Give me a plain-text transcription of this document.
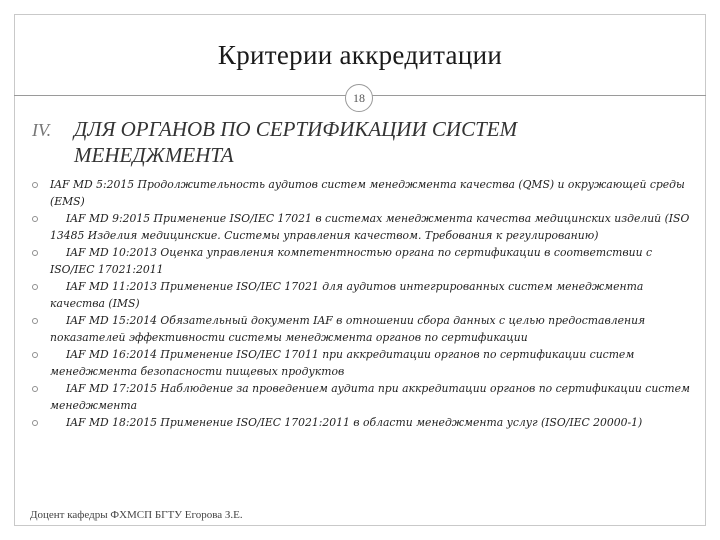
Критерии аккредитации
18
IV. ДЛЯ ОРГАНОВ ПО СЕРТИФИКАЦИИ СИСТЕМ
МЕНЕДЖМЕНТА
IAF MD 5:2015 Продолжительность аудитов систем менеджмента качества (QMS) и окружающей среды (EMS)
IAF MD 9:2015 Применение ISO/IEC 17021 в системах менеджмента качества медицинских изделий (ISO 13485 Изделия медицинские. Системы управления качеством. Требования к регулированию)
IAF MD 10:2013 Оценка управления компетентностью органа по сертификации в соответствии с ISO/IEC 17021:2011
IAF MD 11:2013 Применение ISO/IEC 17021 для аудитов интегрированных систем менеджмента качества (IMS)
IAF MD 15:2014 Обязательный документ IAF в отношении сбора данных с целью предоставления показателей эффективности системы менеджмента органов по сертификации
IAF MD 16:2014 Применение ISO/IEC 17011 при аккредитации органов по сертификации систем менеджмента безопасности пищевых продуктов
IAF MD 17:2015 Наблюдение за проведением аудита при аккредитации органов по сертификации систем менеджмента
IAF MD 18:2015 Применение ISO/IEC 17021:2011 в области менеджмента услуг (ISO/IEC 20000-1)
Доцент кафедры ФХМСП БГТУ Егорова З.Е.
